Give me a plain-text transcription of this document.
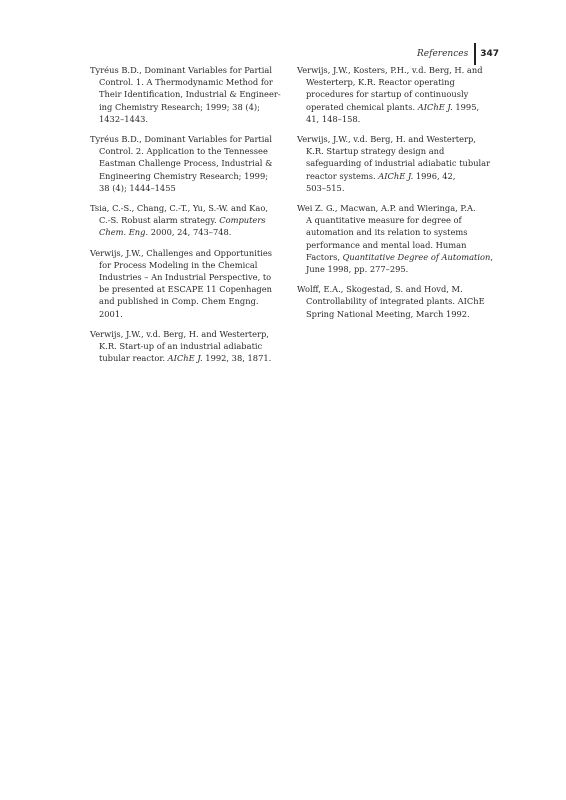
References 347
Tyréus B.D., Dominant Variables for Partial
Control. 1. A Thermodynamic Method for
Their Identification, Industrial & Engineer-
ing Chemistry Research; 1999; 38 (4);
1432–1443.
Tyréus B.D., Dominant Variables for Partial
Control. 2. Application to the Tennessee
Eastman Challenge Process, Industrial &
Engineering Chemistry Research; 1999;
38 (4); 1444–1455
Tsia, C.-S., Chang, C.-T., Yu, S.-W. and Kao,
C.-S. Robust alarm strategy. Computers
Chem. Eng. 2000, 24, 743–748.
Verwijs, J.W., Challenges and Opportunities
for Process Modeling in the Chemical
Industries – An Industrial Perspective, to
be presented at ESCAPE 11 Copenhagen
and published in Comp. Chem Engng.
2001.
Verwijs, J.W., v.d. Berg, H. and Westerterp,
K.R. Start-up of an industrial adiabatic
tubular reactor. AIChE J. 1992, 38, 1871.
Verwijs, J.W., Kosters, P.H., v.d. Berg, H. and
Westerterp, K.R. Reactor operating
procedures for startup of continuously
operated chemical plants. AIChE J. 1995,
41, 148–158.
Verwijs, J.W., v.d. Berg, H. and Westerterp,
K.R. Startup strategy design and
safeguarding of industrial adiabatic tubular
reactor systems. AIChE J. 1996, 42,
503–515.
Wei Z. G., Macwan, A.P. and Wieringa, P.A.
A quantitative measure for degree of
automation and its relation to systems
performance and mental load. Human
Factors, Quantitative Degree of Automation,
June 1998, pp. 277–295.
Wolff, E.A., Skogestad, S. and Hovd, M.
Controllability of integrated plants. AIChE
Spring National Meeting, March 1992.
